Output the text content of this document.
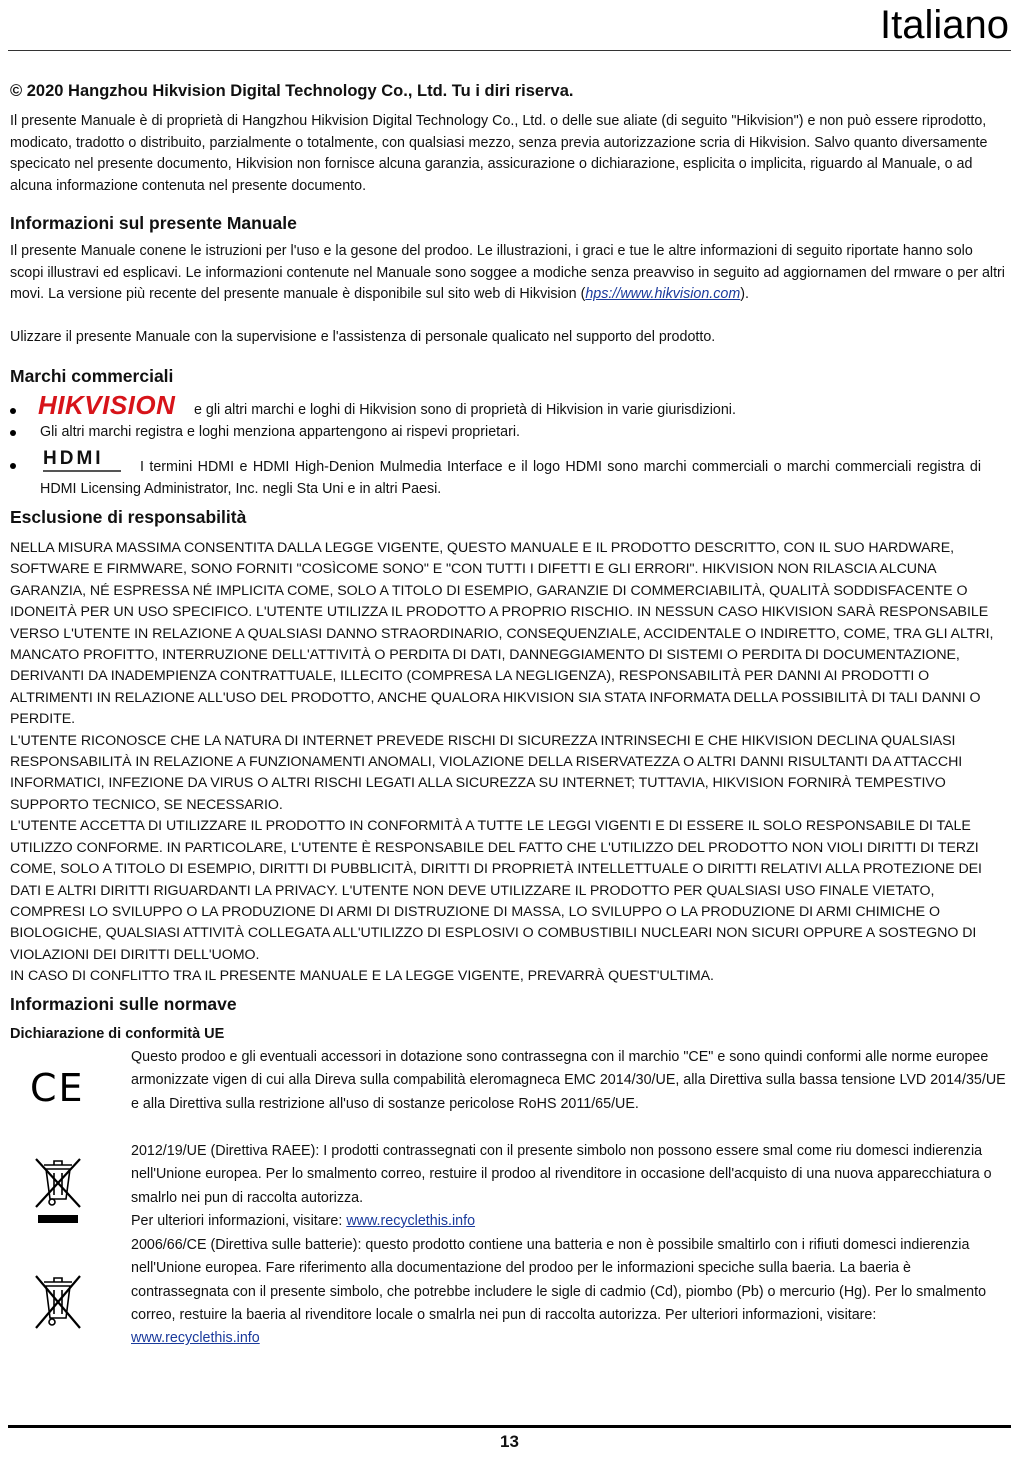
Italiano
© 2020 Hangzhou Hikvision Digital Technology Co., Ltd. Tu i diri riserva.

Il presente Manuale è di proprietà di Hangzhou Hikvision Digital Technology Co., Ltd. o delle sue aliate (di seguito "Hikvision") e non può essere riprodotto, modicato, tradotto o distribuito, parzialmente o totalmente, con qualsiasi mezzo, senza previa autorizzazione scria di Hikvision. Salvo quanto diversamente specicato nel presente documento, Hikvision non fornisce alcuna garanzia, assicurazione o dichiarazione, esplicita o implicita, riguardo al Manuale, o ad alcuna informazione contenuta nel presente documento.

Informazioni sul presente Manuale

Il presente Manuale conene le istruzioni per l'uso e la gesone del prodoo. Le illustrazioni, i graci e tue le altre informazioni di seguito riportate hanno solo scopi illustravi ed esplicavi. Le informazioni contenute nel Manuale sono soggee a modiche senza preavviso in seguito ad aggiornamen del rmware o per altri movi. La versione più recente del presente manuale è disponibile sul sito web di Hikvision (hps://www.hikvision.com).

Ulizzare il presente Manuale con la supervisione e l'assistenza di personale qualicato nel supporto del prodotto.

Marchi commerciali
HIKVISION	e gli altri marchi e loghi di Hikvision sono di proprietà di Hikvision in varie giurisdizioni.
Gli altri marchi registra e loghi menziona appartengono ai rispevi proprietari.
HDMI	I termini HDMI e HDMI High-Denion Mulmedia Interface e il logo HDMI sono marchi commerciali o marchi commerciali registra di HDMI Licensing Administrator, Inc. negli Sta Uni e in altri Paesi.

Esclusione di responsabilità
NELLA MISURA MASSIMA CONSENTITA DALLA LEGGE VIGENTE, QUESTO MANUALE E IL PRODOTTO DESCRITTO, CON IL SUO HARDWARE, SOFTWARE E FIRMWARE, SONO FORNITI "COSÌCOME SONO" E "CON TUTTI I DIFETTI E GLI ERRORI". HIKVISION NON RILASCIA ALCUNA GARANZIA, NÉ ESPRESSA NÉ IMPLICITA COME, SOLO A TITOLO DI ESEMPIO, GARANZIE DI COMMERCIABILITÀ, QUALITÀ SODDISFACENTE O IDONEITÀ PER UN USO SPECIFICO. L'UTENTE UTILIZZA IL PRODOTTO A PROPRIO RISCHIO. IN NESSUN CASO HIKVISION SARÀ RESPONSABILE VERSO L'UTENTE IN RELAZIONE A QUALSIASI DANNO STRAORDINARIO, CONSEQUENZIALE, ACCIDENTALE O INDIRETTO, COME, TRA GLI ALTRI, MANCATO PROFITTO, INTERRUZIONE DELL'ATTIVITÀ O PERDITA DI DATI, DANNEGGIAMENTO DI SISTEMI O PERDITA DI DOCUMENTAZIONE, DERIVANTI DA INADEMPIENZA CONTRATTUALE, ILLECITO (COMPRESA LA NEGLIGENZA), RESPONSABILITÀ PER DANNI AI PRODOTTI O ALTRIMENTI IN RELAZIONE ALL'USO DEL PRODOTTO, ANCHE QUALORA HIKVISION SIA STATA INFORMATA DELLA POSSIBILITÀ DI TALI DANNI O PERDITE.
L'UTENTE RICONOSCE CHE LA NATURA DI INTERNET PREVEDE RISCHI DI SICUREZZA INTRINSECHI E CHE HIKVISION DECLINA QUALSIASI RESPONSABILITÀ IN RELAZIONE A FUNZIONAMENTI ANOMALI, VIOLAZIONE DELLA RISERVATEZZA O ALTRI DANNI RISULTANTI DA ATTACCHI INFORMATICI, INFEZIONE DA VIRUS O ALTRI RISCHI LEGATI ALLA SICUREZZA SU INTERNET; TUTTAVIA, HIKVISION FORNIRÀ TEMPESTIVO SUPPORTO TECNICO, SE NECESSARIO.
L'UTENTE ACCETTA DI UTILIZZARE IL PRODOTTO IN CONFORMITÀ A TUTTE LE LEGGI VIGENTI E DI ESSERE IL SOLO RESPONSABILE DI TALE UTILIZZO CONFORME. IN PARTICOLARE, L'UTENTE È RESPONSABILE DEL FATTO CHE L'UTILIZZO DEL PRODOTTO NON VIOLI DIRITTI DI TERZI COME, SOLO A TITOLO DI ESEMPIO, DIRITTI DI PUBBLICITÀ, DIRITTI DI PROPRIETÀ INTELLETTUALE O DIRITTI RELATIVI ALLA PROTEZIONE DEI DATI E ALTRI DIRITTI RIGUARDANTI LA PRIVACY. L'UTENTE NON DEVE UTILIZZARE IL PRODOTTO PER QUALSIASI USO FINALE VIETATO, COMPRESI LO SVILUPPO O LA PRODUZIONE DI ARMI DI DISTRUZIONE DI MASSA, LO SVILUPPO O LA PRODUZIONE DI ARMI CHIMICHE O BIOLOGICHE, QUALSIASI ATTIVITÀ COLLEGATA ALL'UTILIZZO DI ESPLOSIVI O COMBUSTIBILI NUCLEARI NON SICURI OPPURE A SOSTEGNO DI VIOLAZIONI DEI DIRITTI DELL'UOMO.
IN CASO DI CONFLITTO TRA IL PRESENTE MANUALE E LA LEGGE VIGENTE, PREVARRÀ QUEST'ULTIMA.
Informazioni sulle normave
Dichiarazione di conformità UE
CE

Questo prodoo e gli eventuali accessori in dotazione sono contrassegna con il marchio "CE" e sono quindi conformi alle norme europee armonizzate vigen di cui alla Direva sulla compabilità eleromagneca EMC 2014/30/UE, alla Direttiva sulla bassa tensione LVD 2014/35/UE e alla Direttiva sulla restrizione all'uso di sostanze pericolose RoHS 2011/65/UE.

2012/19/UE (Direttiva RAEE): I prodotti contrassegnati con il presente simbolo non possono essere smal come riu domesci indierenzia nell'Unione europea. Per lo smalmento correo, restuire il prodoo al rivenditore in occasione dell'acquisto di una nuova apparecchiatura o smalrlo nei pun di raccolta autorizza.
Per ulteriori informazioni, visitare: www.recyclethis.info
2006/66/CE (Direttiva sulle batterie): questo prodotto contiene una batteria e non è possibile smaltirlo con i rifiuti domesci indierenzia nell'Unione europea. Fare riferimento alla documentazione del prodoo per le informazioni speciche sulla baeria. La baeria è contrassegnata con il presente simbolo, che potrebbe includere le sigle di cadmio (Cd), piombo (Pb) o mercurio (Hg). Per lo smalmento correo, restuire la baeria al rivenditore locale o smalrla nei pun di raccolta autorizza. Per ulteriori informazioni, visitare:
www.recyclethis.info
13
